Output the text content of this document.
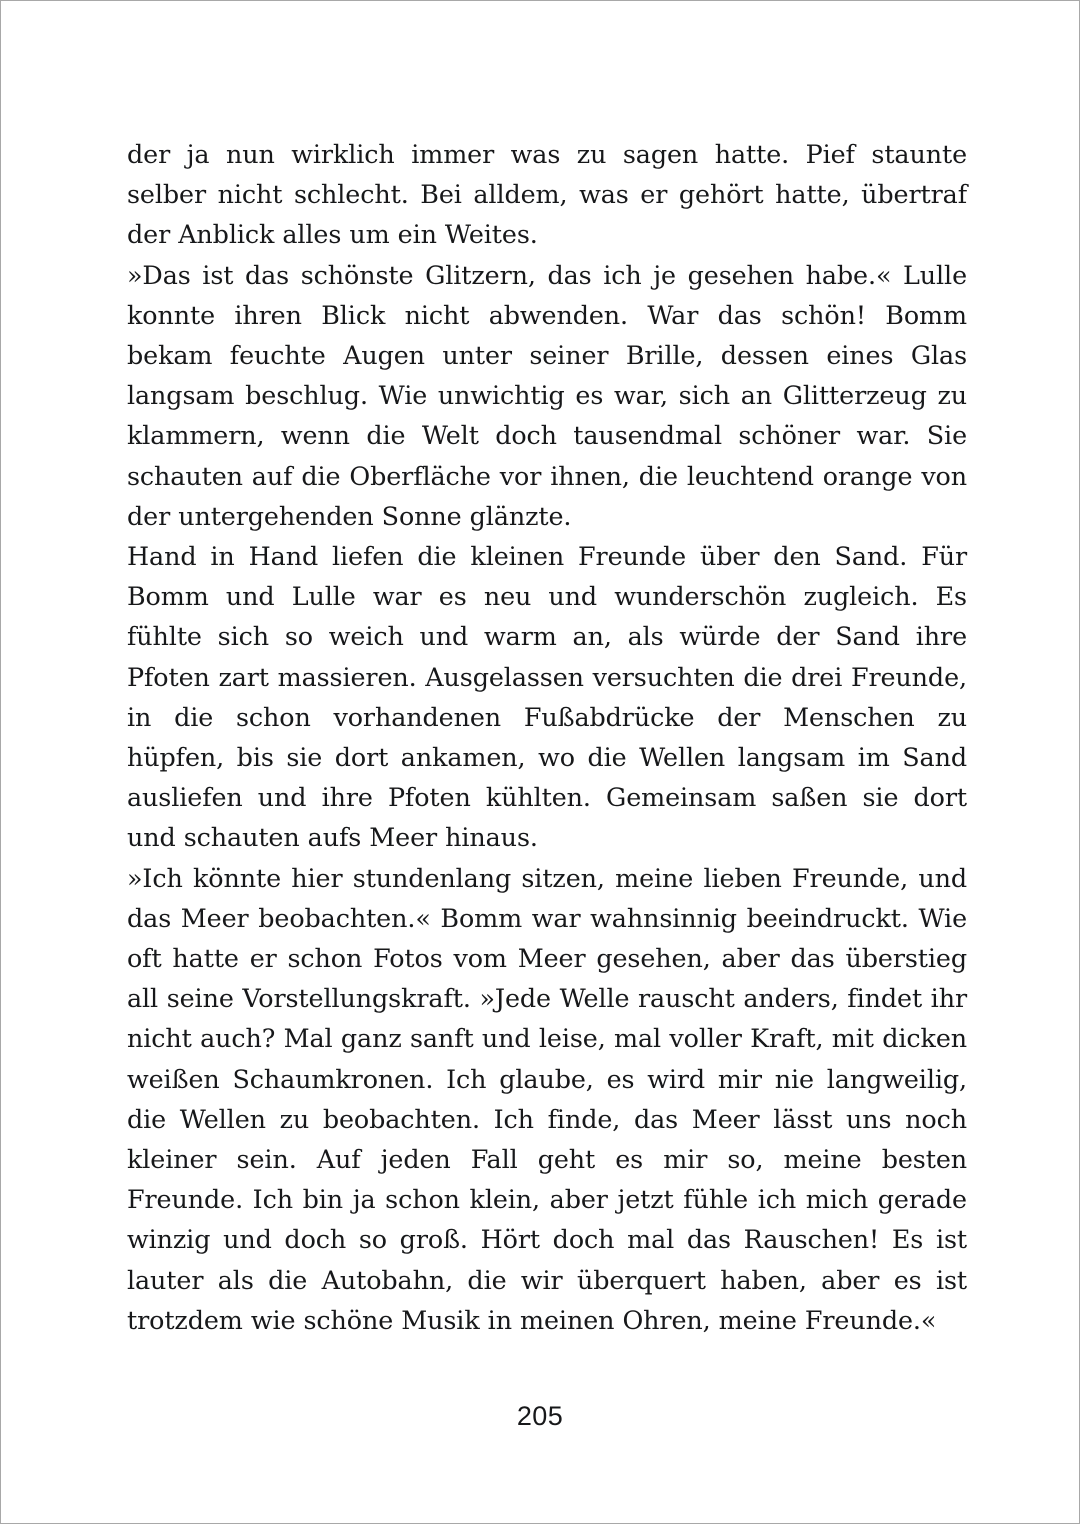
der ja nun wirklich immer was zu sagen hatte. Pief staunte selber nicht schlecht. Bei alldem, was er gehört hatte, übertraf der Anblick alles um ein Weites.

»Das ist das schönste Glitzern, das ich je gesehen habe.« Lulle konnte ihren Blick nicht abwenden. War das schön! Bomm bekam feuchte Augen unter seiner Brille, dessen eines Glas langsam beschlug. Wie unwichtig es war, sich an Glitterzeug zu klammern, wenn die Welt doch tausendmal schöner war. Sie schauten auf die Oberfläche vor ihnen, die leuchtend orange von der untergehenden Sonne glänzte.

Hand in Hand liefen die kleinen Freunde über den Sand. Für Bomm und Lulle war es neu und wunderschön zugleich. Es fühlte sich so weich und warm an, als würde der Sand ihre Pfoten zart massieren. Ausgelassen versuchten die drei Freunde, in die schon vorhandenen Fußabdrücke der Menschen zu hüpfen, bis sie dort ankamen, wo die Wellen langsam im Sand ausliefen und ihre Pfoten kühlten. Gemeinsam saßen sie dort und schauten aufs Meer hinaus.

»Ich könnte hier stundenlang sitzen, meine lieben Freunde, und das Meer beobachten.« Bomm war wahnsinnig beeindruckt. Wie oft hatte er schon Fotos vom Meer gesehen, aber das überstieg all seine Vorstellungskraft. »Jede Welle rauscht anders, findet ihr nicht auch? Mal ganz sanft und leise, mal voller Kraft, mit dicken weißen Schaumkronen. Ich glaube, es wird mir nie langweilig, die Wellen zu beobachten. Ich finde, das Meer lässt uns noch kleiner sein. Auf jeden Fall geht es mir so, meine besten Freunde. Ich bin ja schon klein, aber jetzt fühle ich mich gerade winzig und doch so groß. Hört doch mal das Rauschen! Es ist lauter als die Autobahn, die wir überquert haben, aber es ist trotzdem wie schöne Musik in meinen Ohren, meine Freunde.«

205
